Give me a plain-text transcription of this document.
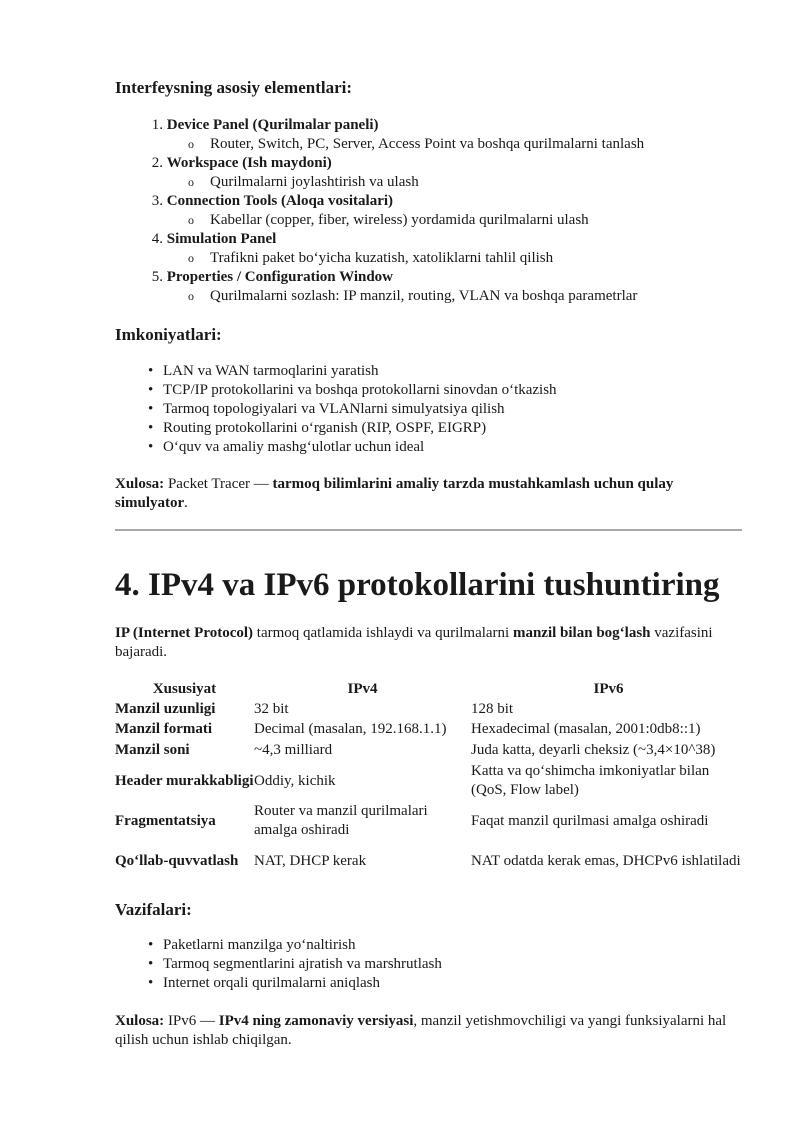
Interfeysning asosiy elementlari:
1. Device Panel (Qurilmalar paneli)
o Router, Switch, PC, Server, Access Point va boshqa qurilmalarni tanlash
2. Workspace (Ish maydoni)
o Qurilmalarni joylashtirish va ulash
3. Connection Tools (Aloqa vositalari)
o Kabellar (copper, fiber, wireless) yordamida qurilmalarni ulash
4. Simulation Panel
o Trafikni paket bo‘yicha kuzatish, xatoliklarni tahlil qilish
5. Properties / Configuration Window
o Qurilmalarni sozlash: IP manzil, routing, VLAN va boshqa parametrlar
Imkoniyatlari:
• LAN va WAN tarmoqlarini yaratish
• TCP/IP protokollarini va boshqa protokollarni sinovdan o‘tkazish
• Tarmoq topologiyalari va VLANlarni simulyatsiya qilish
• Routing protokollarini o‘rganish (RIP, OSPF, EIGRP)
• O‘quv va amaliy mashg‘ulotlar uchun ideal
Xulosa: Packet Tracer — tarmoq bilimlarini amaliy tarzda mustahkamlash uchun qulay simulyator.
4. IPv4 va IPv6 protokollarini tushuntiring
IP (Internet Protocol) tarmoq qatlamida ishlaydi va qurilmalarni manzil bilan bog‘lash vazifasini bajaradi.
Xususiyat	IPv4	IPv6
Manzil uzunligi	32 bit	128 bit
Manzil formati	Decimal (masalan, 192.168.1.1)	Hexadecimal (masalan, 2001:0db8::1)
Manzil soni	~4,3 milliard	Juda katta, deyarli cheksiz (~3,4×10^38)
Header murakkabligi	Oddiy, kichik	Katta va qo‘shimcha imkoniyatlar bilan (QoS, Flow label)
Fragmentatsiya	Router va manzil qurilmalari amalga oshiradi	Faqat manzil qurilmasi amalga oshiradi
Qo‘llab-quvvatlash	NAT, DHCP kerak	NAT odatda kerak emas, DHCPv6 ishlatiladi
Vazifalari:
• Paketlarni manzilga yo‘naltirish
• Tarmoq segmentlarini ajratish va marshrutlash
• Internet orqali qurilmalarni aniqlash
Xulosa: IPv6 — IPv4 ning zamonaviy versiyasi, manzil yetishmovchiligi va yangi funksiyalarni hal qilish uchun ishlab chiqilgan.
